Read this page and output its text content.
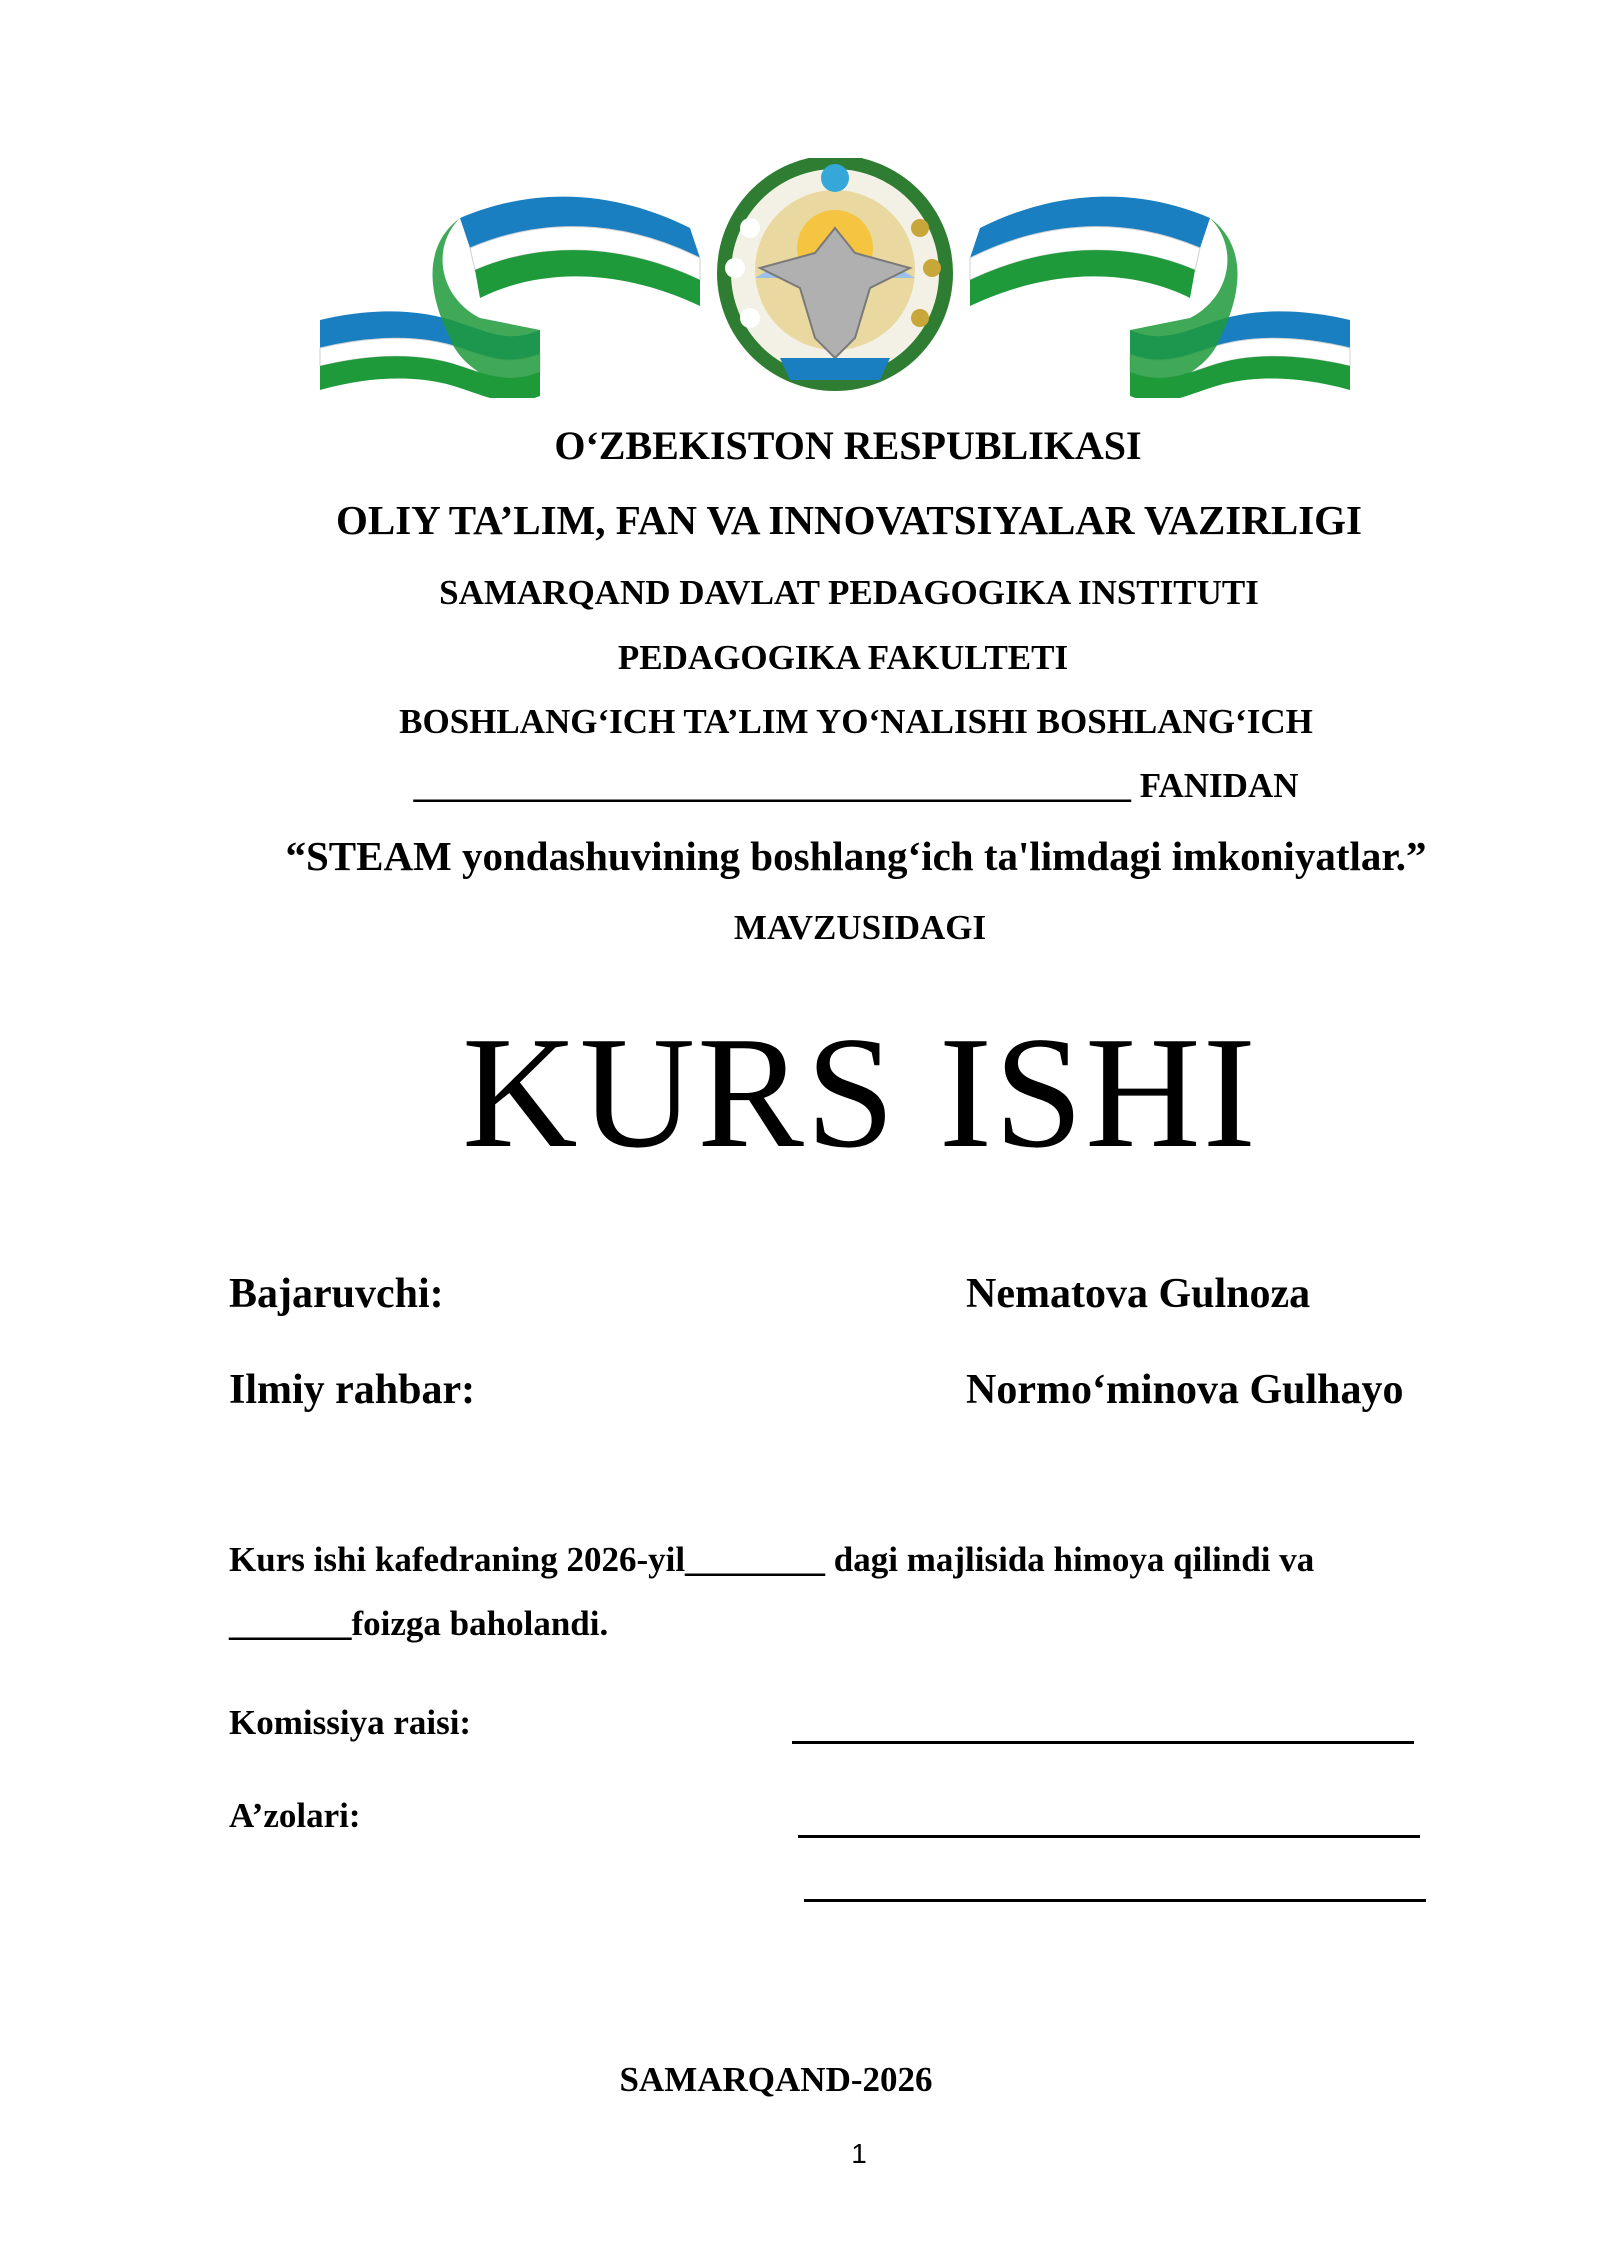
O‘ZBEKISTON RESPUBLIKASI
OLIY TA’LIM, FAN VA INNOVATSIYALAR VAZIRLIGI
SAMARQAND DAVLAT PEDAGOGIKA INSTITUTI
PEDAGOGIKA FAKULTETI
BOSHLANG‘ICH TA’LIM YO‘NALISHI BOSHLANG‘ICH
_________________________________________ FANIDAN
“STEAM yondashuvining boshlang‘ich ta'limdagi imkoniyatlar.”
MAVZUSIDAGI
KURS ISHI
Bajaruvchi:	Nematova Gulnoza
Ilmiy rahbar:	Normo‘minova Gulhayo
Kurs ishi kafedraning 2026-yil________ dagi majlisida himoya qilindi va
_______foizga baholandi.
Komissiya raisi:
A’zolari:
SAMARQAND-2026
1
